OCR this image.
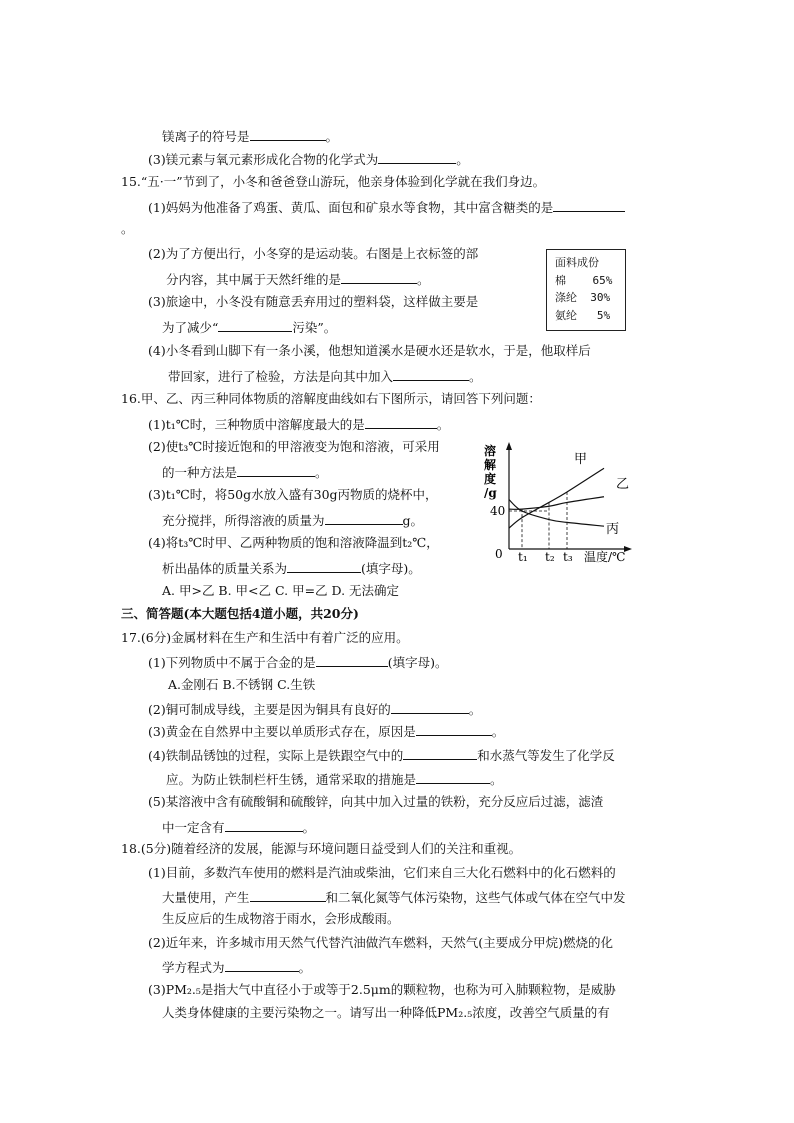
镁离子的符号是	。
(3)镁元素与氧元素形成化合物的化学式为	。
15.“五·一”节到了，小冬和爸爸登山游玩，他亲身体验到化学就在我们身边。
(1)妈妈为他准备了鸡蛋、黄瓜、面包和矿泉水等食物，其中富含糖类的是
。
(2)为了方便出行，小冬穿的是运动装。右图是上衣标签的部
分内容，其中属于天然纤维的是	。
(3)旅途中，小冬没有随意丢弃用过的塑料袋，这样做主要是
为了减少“	污染”。
(4)小冬看到山脚下有一条小溪，他想知道溪水是硬水还是软水，于是，他取样后
带回家，进行了检验，方法是向其中加入	。
面料成份
棉    65%
涤纶  30%
氨纶   5%
16.甲、乙、丙三种同体物质的溶解度曲线如右下图所示，请回答下列问题：
(1)t₁℃时，三种物质中溶解度最大的是	。
(2)使t₃℃时接近饱和的甲溶液变为饱和溶液，可采用
的一种方法是	。
(3)t₁℃时，将50g水放入盛有30g丙物质的烧杯中，
充分搅拌，所得溶液的质量为	g。
(4)将t₃℃时甲、乙两种物质的饱和溶液降温到t₂℃，
析出晶体的质量关系为	(填字母)。
A. 甲>乙 B. 甲<乙 C. 甲=乙 D. 无法确定
甲
乙
丙
溶
解
度
/g
40
0 t₁ t₂ t₃ 温度/℃
三、简答题(本大题包括4道小题，共20分)
17.(6分)金属材料在生产和生活中有着广泛的应用。
(1)下列物质中不属于合金的是	(填字母)。
A.金刚石 B.不锈钢 C.生铁
(2)铜可制成导线，主要是因为铜具有良好的	。
(3)黄金在自然界中主要以单质形式存在，原因是	。
(4)铁制品锈蚀的过程，实际上是铁跟空气中的	和水蒸气等发生了化学反
应。为防止铁制栏杆生锈，通常采取的措施是	。
(5)某溶液中含有硫酸铜和硫酸锌，向其中加入过量的铁粉，充分反应后过滤，滤渣
中一定含有	。
18.(5分)随着经济的发展，能源与环境问题日益受到人们的关注和重视。
(1)目前，多数汽车使用的燃料是汽油或柴油，它们来自三大化石燃料中的化石燃料的
大量使用，产生	和二氧化氮等气体污染物，这些气体或气体在空气中发
生反应后的生成物溶于雨水，会形成酸雨。
(2)近年来，许多城市用天然气代替汽油做汽车燃料，天然气(主要成分甲烷)燃烧的化
学方程式为	。
(3)PM₂.₅是指大气中直径小于或等于2.5μm的颗粒物，也称为可入肺颗粒物，是威胁
人类身体健康的主要污染物之一。请写出一种降低PM₂.₅浓度，改善空气质量的有
